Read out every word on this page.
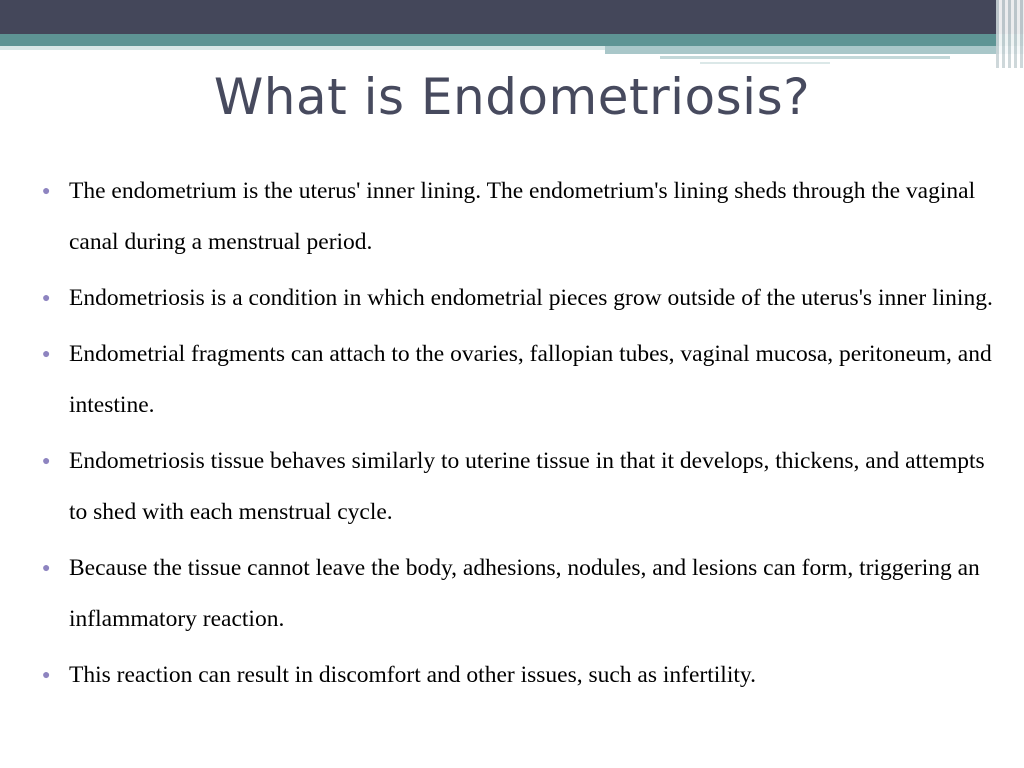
What is Endometriosis?
● The endometrium is the uterus' inner lining. The endometrium's lining sheds through the vaginal canal during a menstrual period.
● Endometriosis is a condition in which endometrial pieces grow outside of the uterus's inner lining.
● Endometrial fragments can attach to the ovaries, fallopian tubes, vaginal mucosa, peritoneum, and intestine.
● Endometriosis tissue behaves similarly to uterine tissue in that it develops, thickens, and attempts to shed with each menstrual cycle.
● Because the tissue cannot leave the body, adhesions, nodules, and lesions can form, triggering an inflammatory reaction.
● This reaction can result in discomfort and other issues, such as infertility.
